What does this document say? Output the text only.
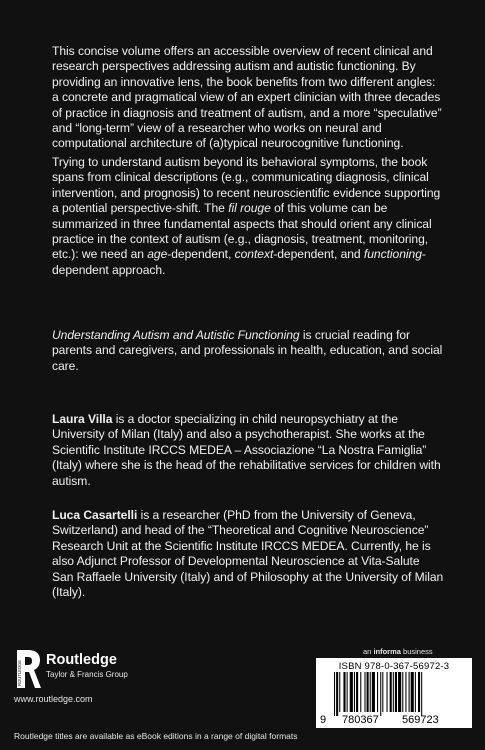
This concise volume offers an accessible overview of recent clinical and research perspectives addressing autism and autistic functioning. By providing an innovative lens, the book benefits from two different angles: a concrete and pragmatical view of an expert clinician with three decades of practice in diagnosis and treatment of autism, and a more “speculative” and “long-term” view of a researcher who works on neural and computational architecture of (a)typical neurocognitive functioning.

Trying to understand autism beyond its behavioral symptoms, the book spans from clinical descriptions (e.g., communicating diagnosis, clinical intervention, and prognosis) to recent neuroscientific evidence supporting a potential perspective-shift. The fil rouge of this volume can be summarized in three fundamental aspects that should orient any clinical practice in the context of autism (e.g., diagnosis, treatment, monitoring, etc.): we need an age-dependent, context-dependent, and functioning-dependent approach.

Understanding Autism and Autistic Functioning is crucial reading for parents and caregivers, and professionals in health, education, and social care.

Laura Villa is a doctor specializing in child neuropsychiatry at the University of Milan (Italy) and also a psychotherapist. She works at the Scientific Institute IRCCS MEDEA – Associazione “La Nostra Famiglia” (Italy) where she is the head of the rehabilitative services for children with autism.

Luca Casartelli is a researcher (PhD from the University of Geneva, Switzerland) and head of the “Theoretical and Cognitive Neuroscience” Research Unit at the Scientific Institute IRCCS MEDEA. Currently, he is also Adjunct Professor of Developmental Neuroscience at Vita-Salute San Raffaele University (Italy) and of Philosophy at the University of Milan (Italy).

ROUTLEDGE Routledge
Taylor & Francis Group
www.routledge.com
an informa business
ISBN 978-0-367-56972-3
9 780367 569723
Routledge titles are available as eBook editions in a range of digital formats
